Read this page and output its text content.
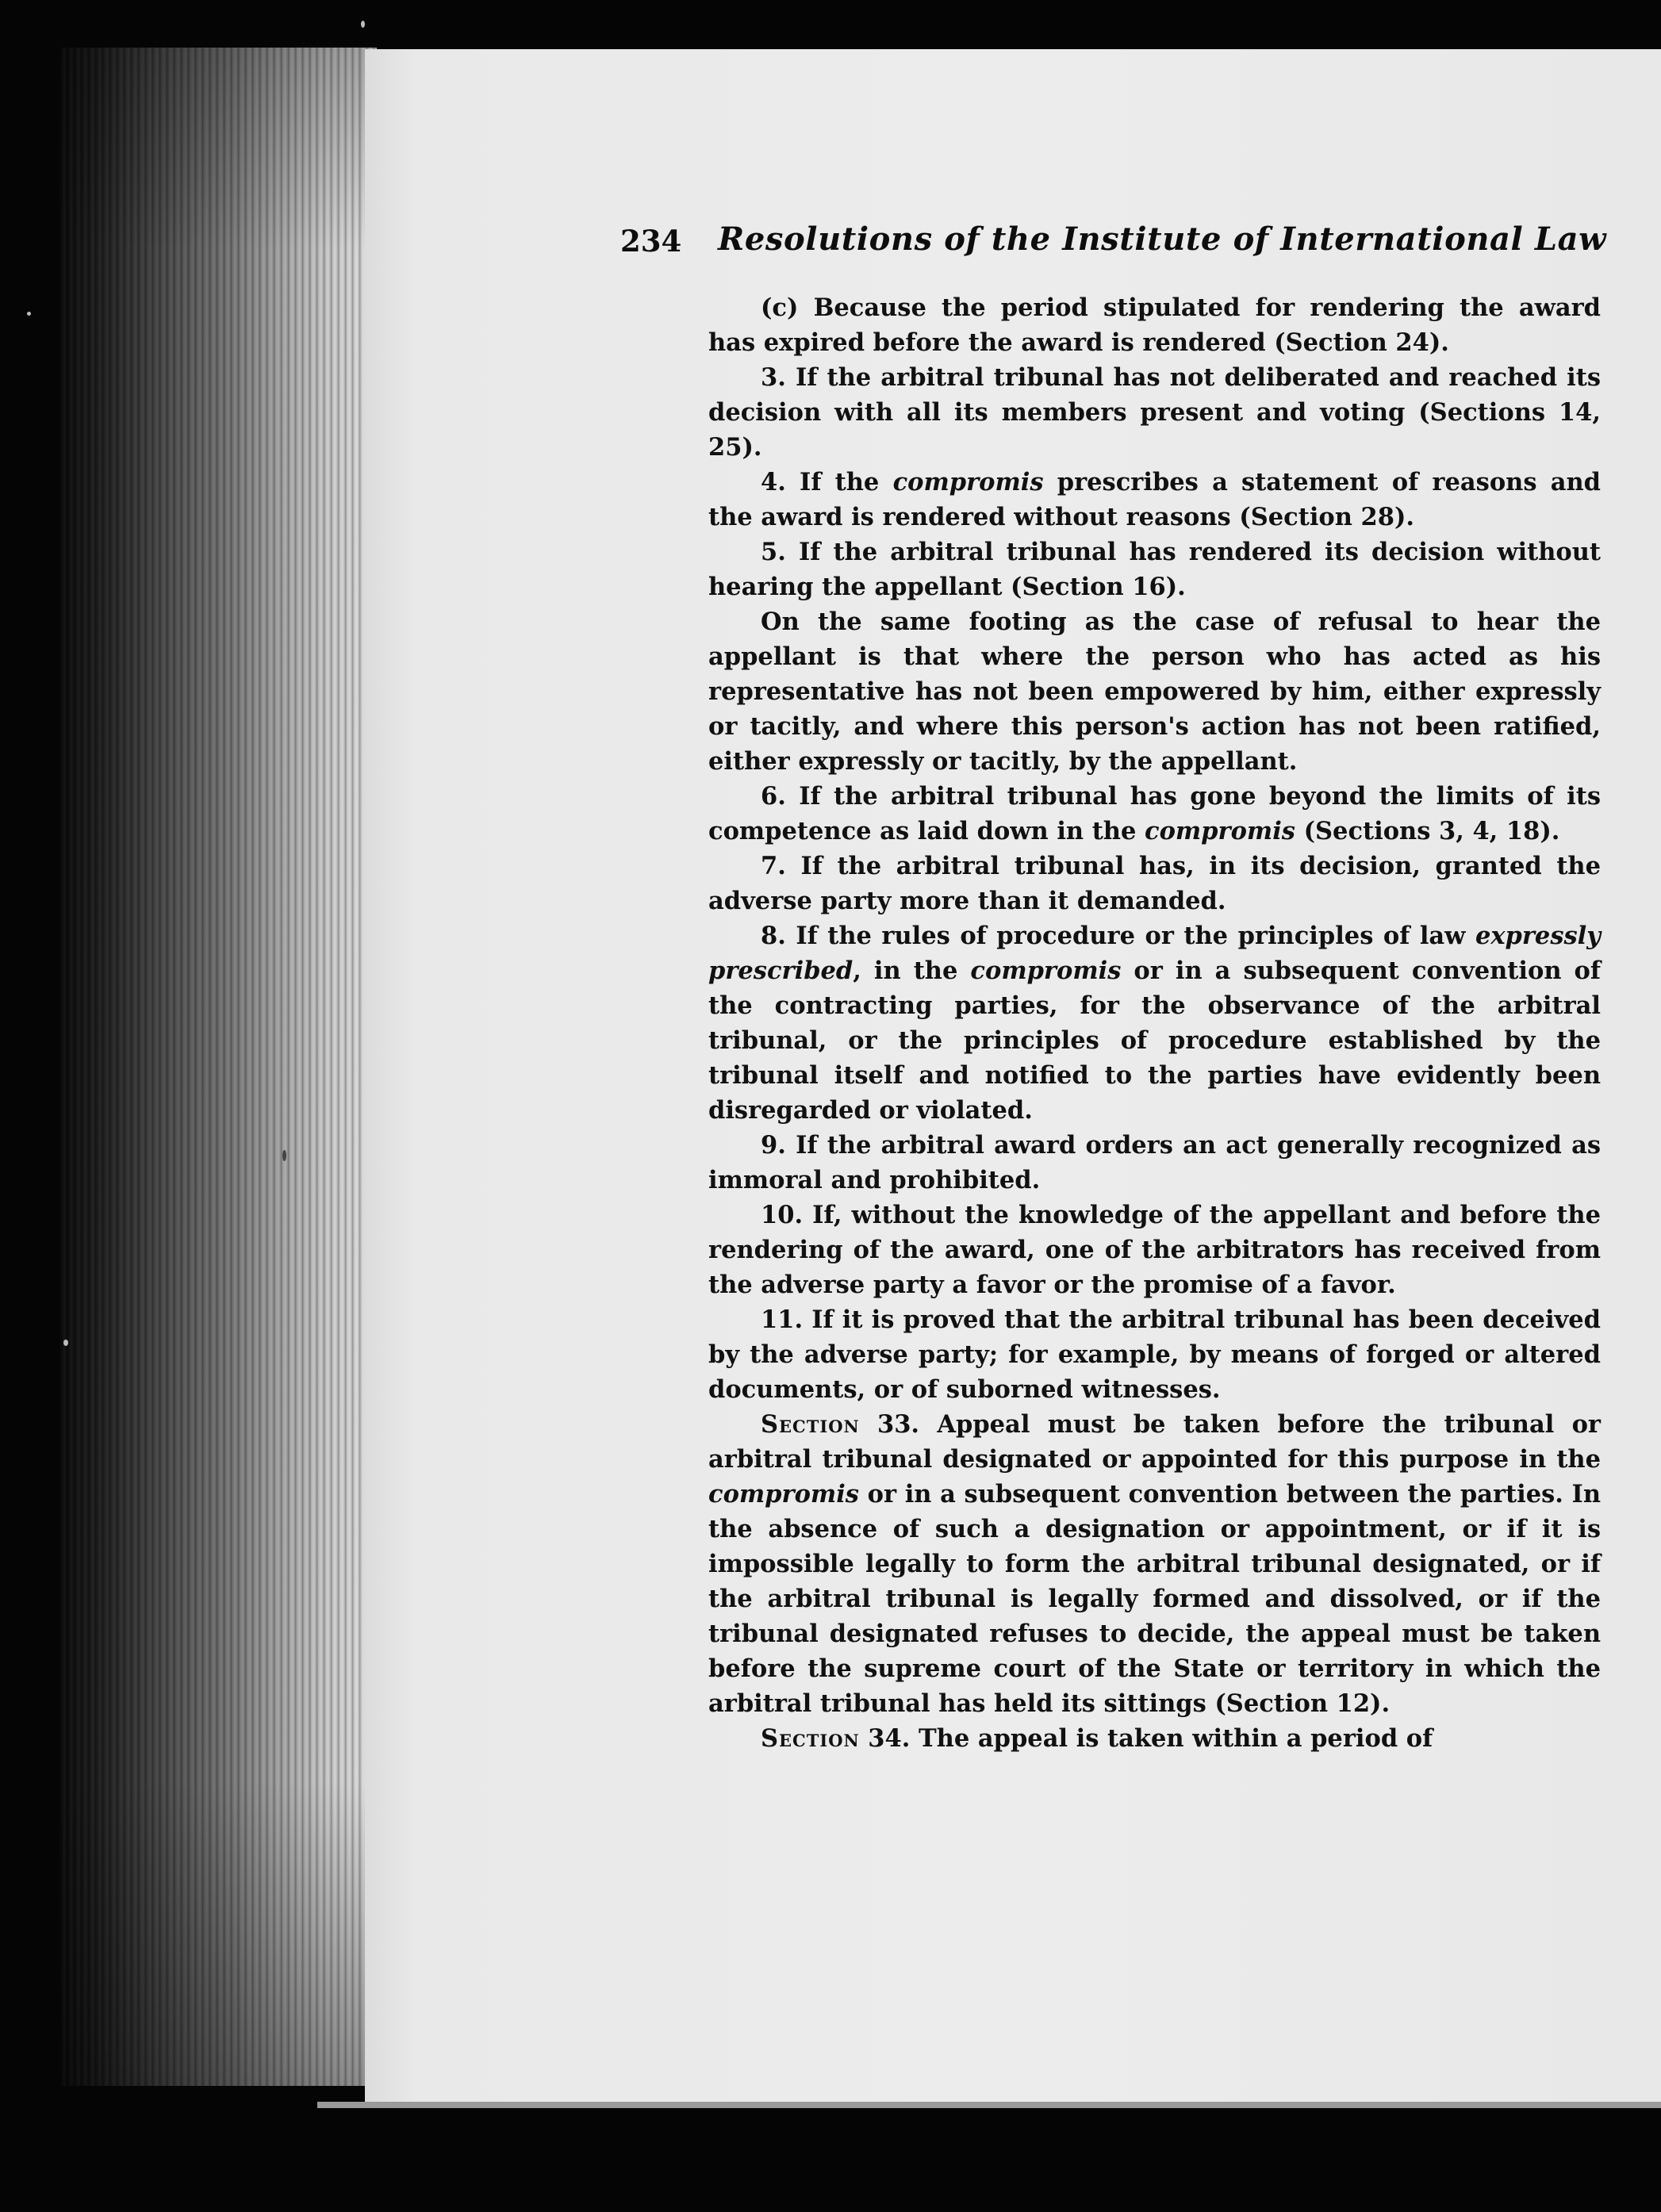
234 Resolutions of the Institute of International Law

(c) Because the period stipulated for rendering the award has expired before the award is rendered (Section 24).

3. If the arbitral tribunal has not deliberated and reached its decision with all its members present and voting (Sections 14, 25).

4. If the compromis prescribes a statement of reasons and the award is rendered without reasons (Section 28).

5. If the arbitral tribunal has rendered its decision without hearing the appellant (Section 16).

On the same footing as the case of refusal to hear the appellant is that where the person who has acted as his representative has not been empowered by him, either expressly or tacitly, and where this person's action has not been ratified, either expressly or tacitly, by the appellant.

6. If the arbitral tribunal has gone beyond the limits of its competence as laid down in the compromis (Sections 3, 4, 18).

7. If the arbitral tribunal has, in its decision, granted the adverse party more than it demanded.

8. If the rules of procedure or the principles of law expressly prescribed, in the compromis or in a subsequent convention of the contracting parties, for the observance of the arbitral tribunal, or the principles of procedure established by the tribunal itself and notified to the parties have evidently been disregarded or violated.

9. If the arbitral award orders an act generally recognized as immoral and prohibited.

10. If, without the knowledge of the appellant and before the rendering of the award, one of the arbitrators has received from the adverse party a favor or the promise of a favor.

11. If it is proved that the arbitral tribunal has been deceived by the adverse party; for example, by means of forged or altered documents, or of suborned witnesses.

Section 33. Appeal must be taken before the tribunal or arbitral tribunal designated or appointed for this purpose in the compromis or in a subsequent convention between the parties. In the absence of such a designation or appointment, or if it is impossible legally to form the arbitral tribunal designated, or if the arbitral tribunal is legally formed and dissolved, or if the tribunal designated refuses to decide, the appeal must be taken before the supreme court of the State or territory in which the arbitral tribunal has held its sittings (Section 12).

Section 34. The appeal is taken within a period of
